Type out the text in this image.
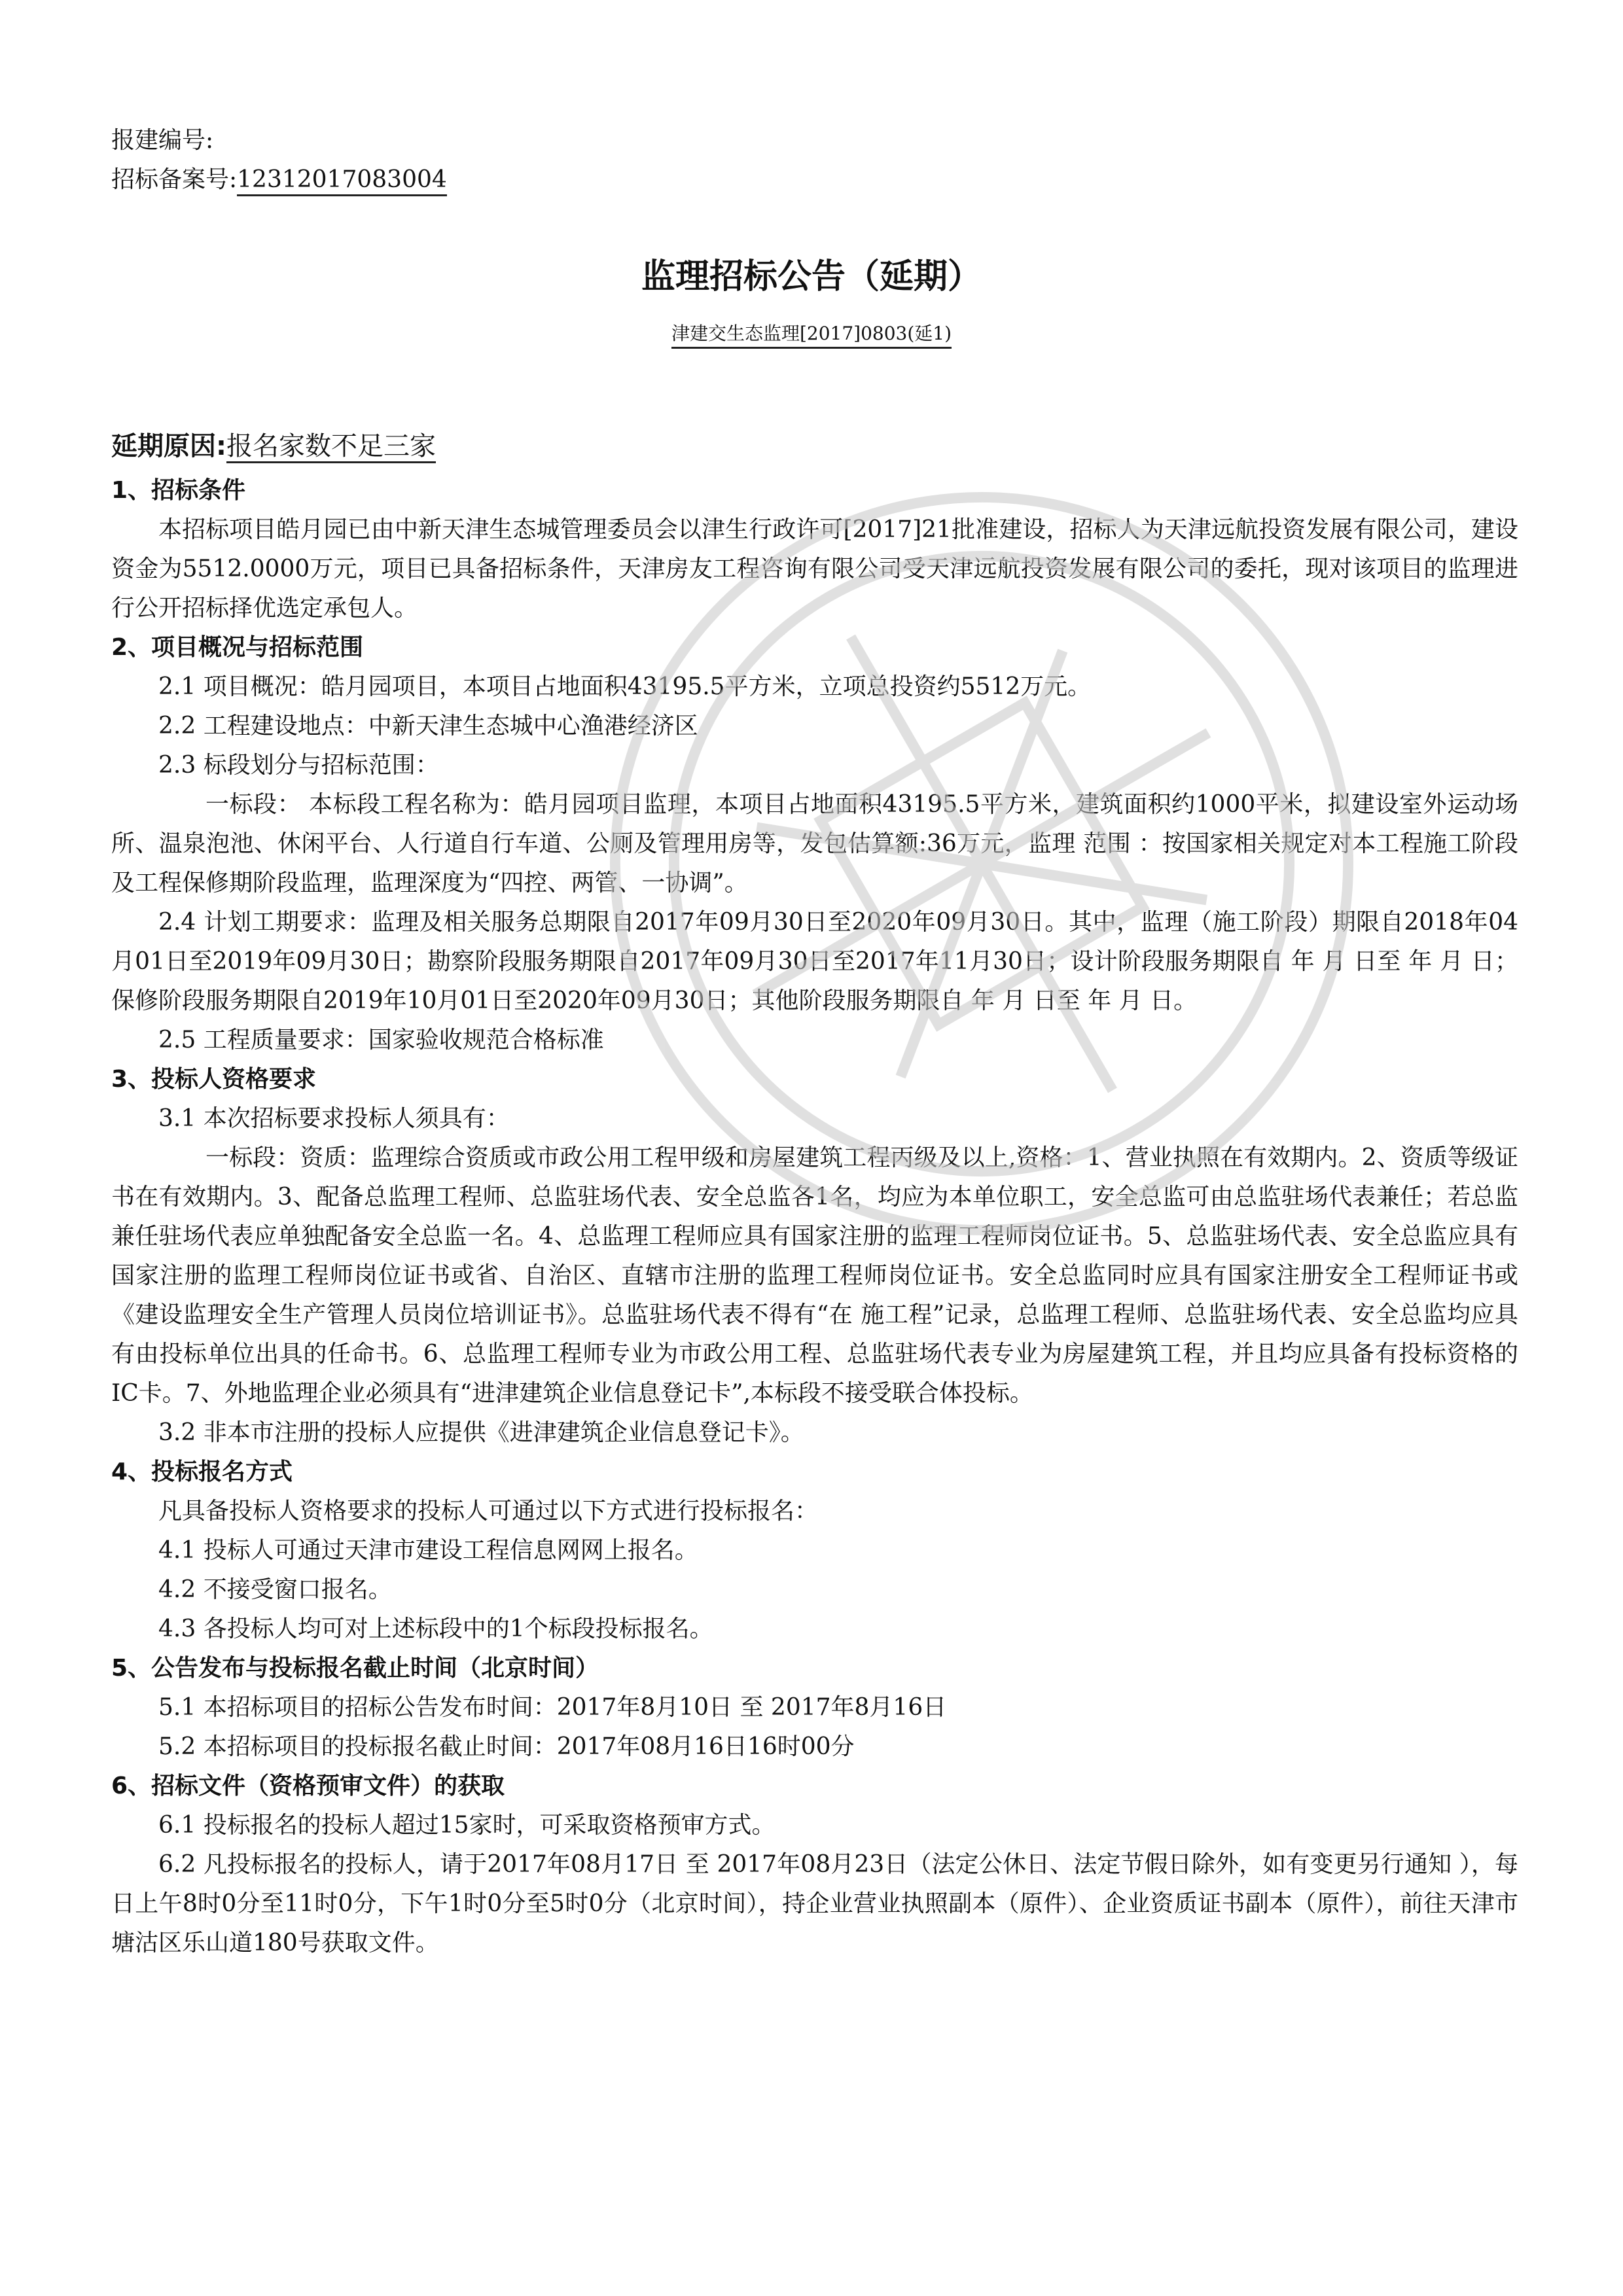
报建编号:
招标备案号:12312017083004
监理招标公告（延期）
津建交生态监理[2017]0803(延1)
延期原因:报名家数不足三家
1、招标条件
本招标项目皓月园已由中新天津生态城管理委员会以津生行政许可[2017]21批准建设，招标人为天津远航投资发展有限公司，建设资金为5512.0000万元，项目已具备招标条件，天津房友工程咨询有限公司受天津远航投资发展有限公司的委托，现对该项目的监理进行公开招标择优选定承包人。
2、项目概况与招标范围
2.1 项目概况：皓月园项目，本项目占地面积43195.5平方米，立项总投资约5512万元。
2.2 工程建设地点：中新天津生态城中心渔港经济区
2.3 标段划分与招标范围：
一标段： 本标段工程名称为：皓月园项目监理，本项目占地面积43195.5平方米，建筑面积约1000平米，拟建设室外运动场所、温泉泡池、休闲平台、人行道自行车道、公厕及管理用房等，发包估算额:36万元，监理 范围 ：按国家相关规定对本工程施工阶段及工程保修期阶段监理，监理深度为“四控、两管、一协调”。
2.4 计划工期要求：监理及相关服务总期限自2017年09月30日至2020年09月30日。其中，监理（施工阶段）期限自2018年04月01日至2019年09月30日；勘察阶段服务期限自2017年09月30日至2017年11月30日；设计阶段服务期限自 年 月 日至 年 月 日；保修阶段服务期限自2019年10月01日至2020年09月30日；其他阶段服务期限自 年 月 日至 年 月 日。
2.5 工程质量要求：国家验收规范合格标准
3、投标人资格要求
3.1 本次招标要求投标人须具有：
一标段：资质：监理综合资质或市政公用工程甲级和房屋建筑工程丙级及以上,资格：1、营业执照在有效期内。2、资质等级证书在有效期内。3、配备总监理工程师、总监驻场代表、安全总监各1名，均应为本单位职工，安全总监可由总监驻场代表兼任；若总监兼任驻场代表应单独配备安全总监一名。4、总监理工程师应具有国家注册的监理工程师岗位证书。5、总监驻场代表、安全总监应具有国家注册的监理工程师岗位证书或省、自治区、直辖市注册的监理工程师岗位证书。安全总监同时应具有国家注册安全工程师证书或《建设监理安全生产管理人员岗位培训证书》。总监驻场代表不得有“在 施工程”记录，总监理工程师、总监驻场代表、安全总监均应具有由投标单位出具的任命书。6、总监理工程师专业为市政公用工程、总监驻场代表专业为房屋建筑工程，并且均应具备有投标资格的IC卡。7、外地监理企业必须具有“进津建筑企业信息登记卡”,本标段不接受联合体投标。
3.2 非本市注册的投标人应提供《进津建筑企业信息登记卡》。
4、投标报名方式
凡具备投标人资格要求的投标人可通过以下方式进行投标报名：
4.1 投标人可通过天津市建设工程信息网网上报名。
4.2 不接受窗口报名。
4.3 各投标人均可对上述标段中的1个标段投标报名。
5、公告发布与投标报名截止时间（北京时间）
5.1 本招标项目的招标公告发布时间：2017年8月10日 至 2017年8月16日
5.2 本招标项目的投标报名截止时间：2017年08月16日16时00分
6、招标文件（资格预审文件）的获取
6.1 投标报名的投标人超过15家时，可采取资格预审方式。
6.2 凡投标报名的投标人，请于2017年08月17日 至 2017年08月23日（法定公休日、法定节假日除外，如有变更另行通知 ），每日上午8时0分至11时0分，下午1时0分至5时0分（北京时间），持企业营业执照副本（原件）、企业资质证书副本（原件），前往天津市塘沽区乐山道180号获取文件。
